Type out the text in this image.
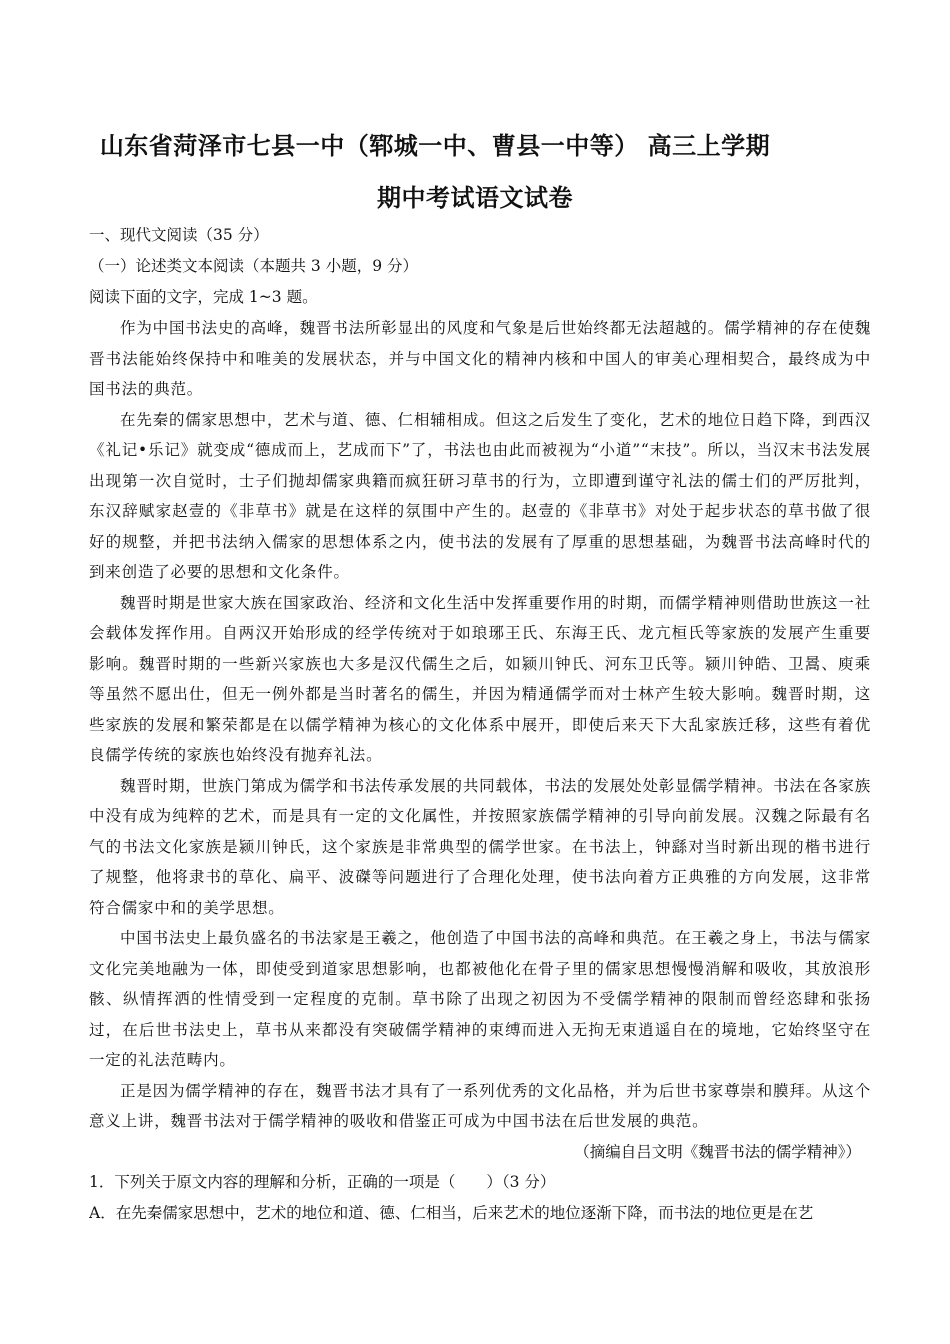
山东省菏泽市七县一中（郓城一中、曹县一中等） 高三上学期
期中考试语文试卷
一、现代文阅读（35 分）
（一）论述类文本阅读（本题共 3 小题，9 分）
阅读下面的文字，完成 1~3 题。

作为中国书法史的高峰，魏晋书法所彰显出的风度和气象是后世始终都无法超越的。儒学精神的存在使魏晋书法能始终保持中和唯美的发展状态，并与中国文化的精神内核和中国人的审美心理相契合，最终成为中国书法的典范。

在先秦的儒家思想中，艺术与道、德、仁相辅相成。但这之后发生了变化，艺术的地位日趋下降，到西汉《礼记•乐记》就变成“德成而上，艺成而下”了，书法也由此而被视为“小道”“末技”。所以，当汉末书法发展出现第一次自觉时，士子们抛却儒家典籍而疯狂研习草书的行为，立即遭到谨守礼法的儒士们的严厉批判，东汉辞赋家赵壹的《非草书》就是在这样的氛围中产生的。赵壹的《非草书》对处于起步状态的草书做了很好的规整，并把书法纳入儒家的思想体系之内，使书法的发展有了厚重的思想基础，为魏晋书法高峰时代的到来创造了必要的思想和文化条件。

魏晋时期是世家大族在国家政治、经济和文化生活中发挥重要作用的时期，而儒学精神则借助世族这一社会载体发挥作用。自两汉开始形成的经学传统对于如琅琊王氏、东海王氏、龙亢桓氏等家族的发展产生重要影响。魏晋时期的一些新兴家族也大多是汉代儒生之后，如颍川钟氏、河东卫氏等。颍川钟皓、卫暠、庾乘等虽然不愿出仕，但无一例外都是当时著名的儒生，并因为精通儒学而对士林产生较大影响。魏晋时期，这些家族的发展和繁荣都是在以儒学精神为核心的文化体系中展开，即使后来天下大乱家族迁移，这些有着优良儒学传统的家族也始终没有抛弃礼法。

魏晋时期，世族门第成为儒学和书法传承发展的共同载体，书法的发展处处彰显儒学精神。书法在各家族中没有成为纯粹的艺术，而是具有一定的文化属性，并按照家族儒学精神的引导向前发展。汉魏之际最有名气的书法文化家族是颍川钟氏，这个家族是非常典型的儒学世家。在书法上，钟繇对当时新出现的楷书进行了规整，他将隶书的草化、扁平、波磔等问题进行了合理化处理，使书法向着方正典雅的方向发展，这非常符合儒家中和的美学思想。

中国书法史上最负盛名的书法家是王羲之，他创造了中国书法的高峰和典范。在王羲之身上，书法与儒家文化完美地融为一体，即使受到道家思想影响，也都被他化在骨子里的儒家思想慢慢消解和吸收，其放浪形骸、纵情挥洒的性情受到一定程度的克制。草书除了出现之初因为不受儒学精神的限制而曾经恣肆和张扬过，在后世书法史上，草书从来都没有突破儒学精神的束缚而进入无拘无束逍遥自在的境地，它始终坚守在一定的礼法范畴内。

正是因为儒学精神的存在，魏晋书法才具有了一系列优秀的文化品格，并为后世书家尊崇和膜拜。从这个意义上讲，魏晋书法对于儒学精神的吸收和借鉴正可成为中国书法在后世发展的典范。

（摘编自吕文明《魏晋书法的儒学精神》）
1．下列关于原文内容的理解和分析，正确的一项是（　　）（3 分）
A．在先秦儒家思想中，艺术的地位和道、德、仁相当，后来艺术的地位逐渐下降，而书法的地位更是在艺
